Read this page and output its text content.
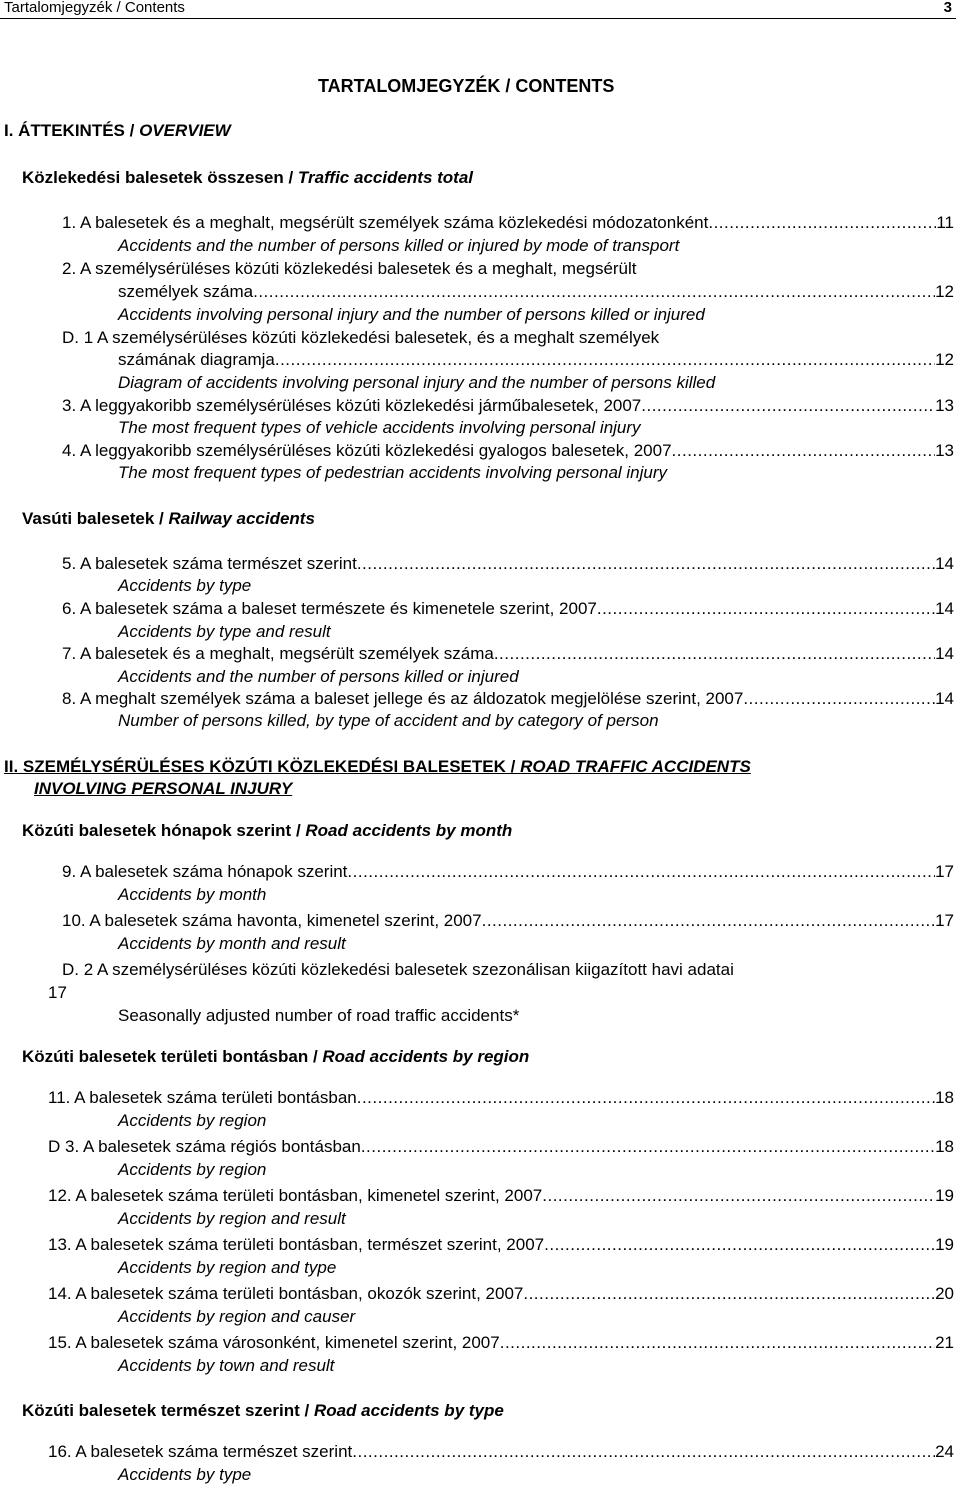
Tartalomjegyzék / Contents	3
TARTALOMJEGYZÉK / CONTENTS
I. ÁTTEKINTÉS / OVERVIEW
Közlekedési balesetek összesen / Traffic accidents total
1. A balesetek és a meghalt, megsérült személyek száma közlekedési módozatonként .....	11
Accidents and the number of persons killed or injured by mode of transport
2. A személysérüléses közúti közlekedési balesetek és a meghalt, megsérült
személyek száma .....	12
Accidents involving personal injury and the number of persons killed or injured
D. 1 A személysérüléses közúti közlekedési balesetek, és a meghalt személyek
számának diagramja .....	12
Diagram of accidents involving personal injury and the number of persons killed
3. A leggyakoribb személysérüléses közúti közlekedési járműbalesetek, 2007 .....	13
The most frequent types of vehicle accidents involving personal injury
4. A leggyakoribb személysérüléses közúti közlekedési gyalogos balesetek, 2007 .....	13
The most frequent types of pedestrian accidents involving personal injury
Vasúti balesetek / Railway accidents
5. A balesetek száma természet szerint .....	14
Accidents by type
6. A balesetek száma a baleset természete és kimenetele szerint, 2007 .....	14
Accidents by type and result
7. A balesetek és a meghalt, megsérült személyek száma .....	14
Accidents and the number of persons killed or injured
8. A meghalt személyek száma a baleset jellege és az áldozatok megjelölése szerint, 2007 .....	14
Number of persons killed, by type of accident and by category of person
II. SZEMÉLYSÉRÜLÉSES KÖZÚTI KÖZLEKEDÉSI BALESETEK / ROAD TRAFFIC ACCIDENTS
INVOLVING PERSONAL INJURY
Közúti balesetek hónapok szerint / Road accidents by month
9. A balesetek száma hónapok szerint .....	17
Accidents by month
10. A balesetek száma havonta, kimenetel szerint, 2007 .....	17
Accidents by month and result
D. 2 A személysérüléses közúti közlekedési balesetek szezonálisan kiigazított havi adatai
17
Seasonally adjusted number of road traffic accidents*
Közúti balesetek területi bontásban / Road accidents by region
11. A balesetek száma területi bontásban .....	18
Accidents by region
D 3. A balesetek száma régiós bontásban .....	18
Accidents by region
12. A balesetek száma területi bontásban, kimenetel szerint, 2007 .....	19
Accidents by region and result
13. A balesetek száma területi bontásban, természet szerint, 2007 .....	19
Accidents by region and type
14. A balesetek száma területi bontásban, okozók szerint, 2007 .....	20
Accidents by region and causer
15. A balesetek száma városonként, kimenetel szerint, 2007 .....	21
Accidents by town and result
Közúti balesetek természet szerint / Road accidents by type
16. A balesetek száma természet szerint .....	24
Accidents by type
